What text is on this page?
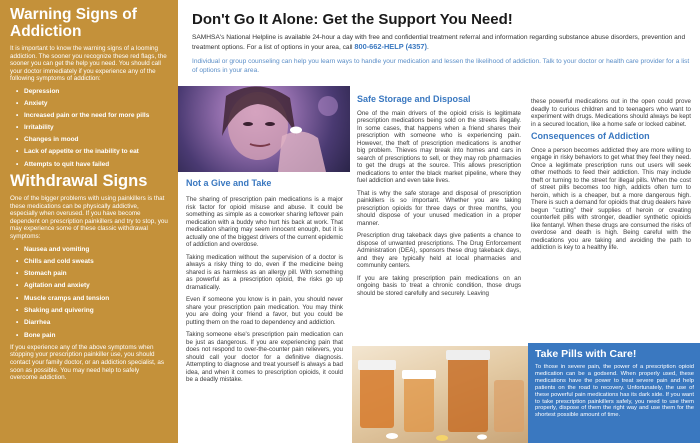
Warning Signs of Addiction

It is important to know the warning signs of a looming addiction. The sooner you recognize these red flags, the sooner you can get the help you need. You should call your doctor immediately if you experience any of the following symptoms of addiction:

• Depression
• Anxiety
• Increased pain or the need for more pills
• Irritability
• Changes in mood
• Lack of appetite or the inability to eat
• Attempts to quit have failed
Withdrawal Signs

One of the bigger problems with using painkillers is that these medications can be physically addictive, especially when overused. If you have become dependent on prescription painkillers and try to stop, you may experience some of these classic withdrawal symptoms:

• Nausea and vomiting
• Chills and cold sweats
• Stomach pain
• Agitation and anxiety
• Muscle cramps and tension
• Shaking and quivering
• Diarrhea
• Bone pain

If you experience any of the above symptoms when stopping your prescription painkiller use, you should contact your family doctor, or an addiction specialist, as soon as possible. You may need help to safely overcome addiction.

Don't Go It Alone: Get the Support You Need!

SAMHSA's National Helpline is available 24-hour a day with free and confidential treatment referral and information regarding substance abuse disorders, prevention and treatment options. For a list of options in your area, call 800-662-HELP (4357).

Individual or group counseling can help you learn ways to handle your medication and lessen the likelihood of addiction. Talk to your doctor or health care provider for a list of options in your area.

Not a Give and Take

The sharing of prescription pain medications is a major risk factor for opioid misuse and abuse. It could be something as simple as a coworker sharing leftover pain medication with a buddy who hurt his back at work. That medication sharing may seem innocent enough, but it is actually one of the biggest drivers of the current epidemic of addiction and overdose.

Taking medication without the supervision of a doctor is always a risky thing to do, even if the medicine being shared is as harmless as an allergy pill. With something as powerful as a prescription opioid, the risks go up dramatically.

Even if someone you know is in pain, you should never share your prescription pain medication. You may think you are doing your friend a favor, but you could be putting them on the road to dependency and addiction.

Taking someone else's prescription pain medication can be just as dangerous. If you are experiencing pain that does not respond to over-the-counter pain relievers, you should call your doctor for a definitive diagnosis. Attempting to diagnose and treat yourself is always a bad idea, and when it comes to prescription opioids, it could be a deadly mistake.

Safe Storage and Disposal

One of the main drivers of the opioid crisis is legitimate prescription medications being sold on the streets illegally. In some cases, that happens when a friend shares their prescription with someone who is experiencing pain. However, the theft of prescription medications is another big problem. Thieves may break into homes and cars in search of prescriptions to sell, or they may rob pharmacies to get the drugs at the source. This allows prescription medications to enter the black market pipeline, where they fuel addiction and even take lives.

That is why the safe storage and disposal of prescription painkillers is so important. Whether you are taking prescription opioids for three days or three months, you should dispose of your unused medication in a proper manner.

Prescription drug takeback days give patients a chance to dispose of unwanted prescriptions. The Drug Enforcement Administration (DEA), sponsors these drug takeback days, and they are typically held at local pharmacies and community centers.

If you are taking prescription pain medications on an ongoing basis to treat a chronic condition, those drugs should be stored carefully and securely. Leaving

these powerful medications out in the open could prove deadly to curious children and to teenagers who want to experiment with drugs. Medications should always be kept in a secured location, like a home safe or locked cabinet.

Consequences of Addiction

Once a person becomes addicted they are more willing to engage in risky behaviors to get what they feel they need. Once a legitimate prescription runs out users will seek other methods to feed their addiction. This may include theft or turning to the street for illegal pills. When the cost of street pills becomes too high, addicts often turn to heroin, which is a cheaper, but a more dangerous high. There is such a demand for opioids that drug dealers have begun "cutting" their supplies of heroin or creating counterfeit pills with stronger, deadlier synthetic opioids like fentanyl. When these drugs are consumed the risks of overdose and death is high. Being careful with the medications you are taking and avoiding the path to addiction is key to a healthy life.

Take Pills with Care!

To those in severe pain, the power of a prescription opioid medication can be a godsend. When properly used, these medications have the power to treat severe pain and help patients on the road to recovery. Unfortunately, the use of these powerful pain medications has its dark side. If you want to take prescription painkillers safely, you need to use them properly, dispose of them the right way and use them for the shortest possible amount of time.
